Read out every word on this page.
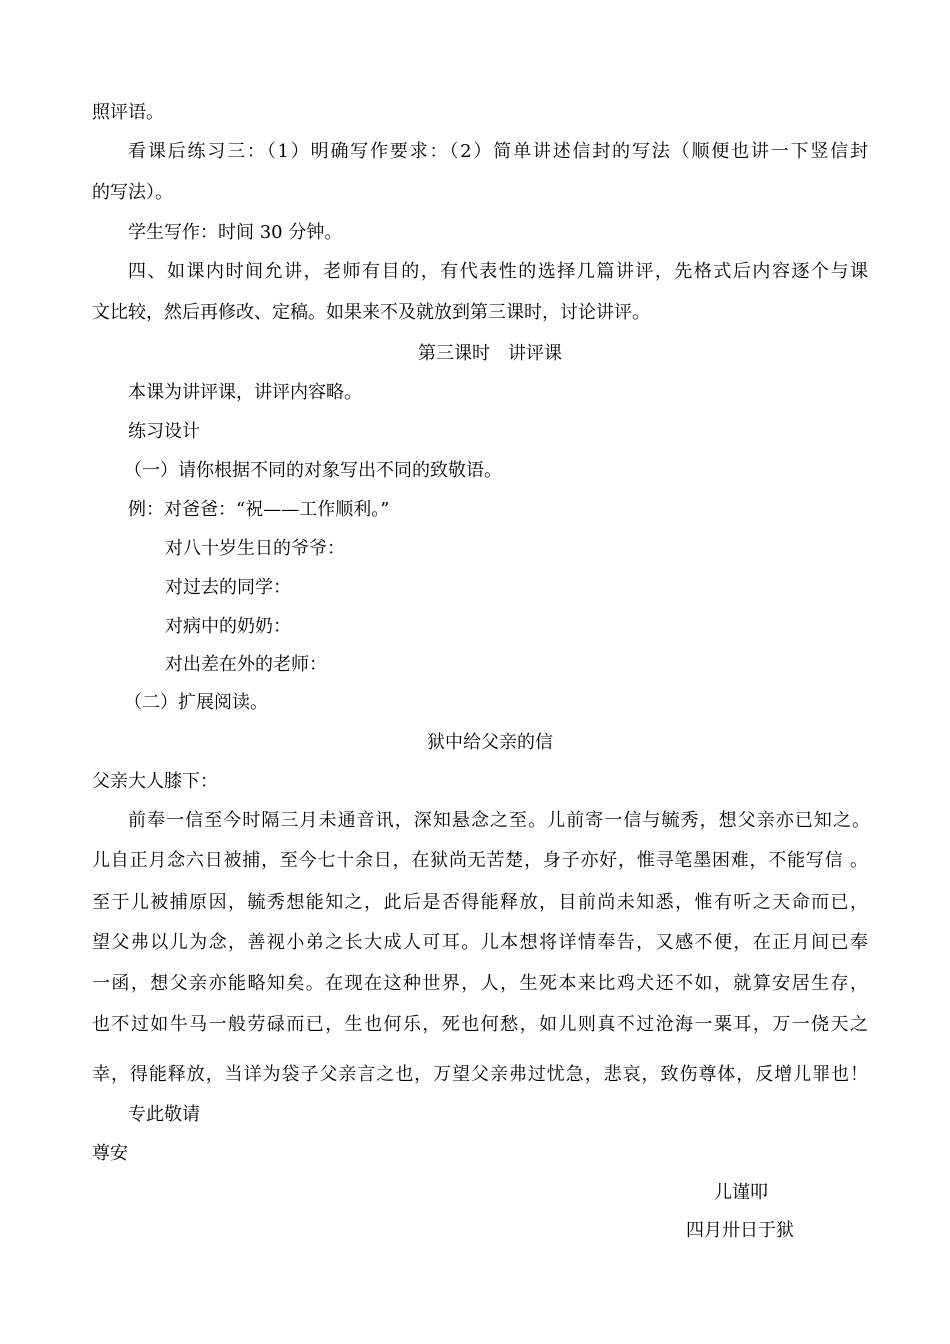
照评语。
看课后练习三：（1）明确写作要求：（2）简单讲述信封的写法（顺便也讲一下竖信封
的写法）。
学生写作：时间 30 分钟。
四、如课内时间允讲，老师有目的，有代表性的选择几篇讲评，先格式后内容逐个与课
文比较，然后再修改、定稿。如果来不及就放到第三课时，讨论讲评。
第三课时　讲评课
本课为讲评课，讲评内容略。
练习设计
（一）请你根据不同的对象写出不同的致敬语。
例：对爸爸：“祝——工作顺利。”
对八十岁生日的爷爷：
对过去的同学：
对病中的奶奶：
对出差在外的老师：
（二）扩展阅读。
狱中给父亲的信
父亲大人膝下：
前奉一信至今时隔三月未通音讯，深知悬念之至。儿前寄一信与毓秀，想父亲亦已知之。
儿自正月念六日被捕，至今七十余日，在狱尚无苦楚，身子亦好，惟寻笔墨困难，不能写信 。
至于儿被捕原因，毓秀想能知之，此后是否得能释放，目前尚未知悉，惟有听之天命而已，
望父弗以儿为念，善视小弟之长大成人可耳。儿本想将详情奉告，又感不便，在正月间已奉
一函，想父亲亦能略知矣。在现在这种世界，人，生死本来比鸡犬还不如，就算安居生存，
也不过如牛马一般劳碌而已，生也何乐，死也何愁，如儿则真不过沧海一粟耳，万一侥天之
幸，得能释放，当详为袋子父亲言之也，万望父亲弗过忧急，悲哀，致伤尊体，反增儿罪也！
专此敬请
尊安
儿谨叩
四月卅日于狱
